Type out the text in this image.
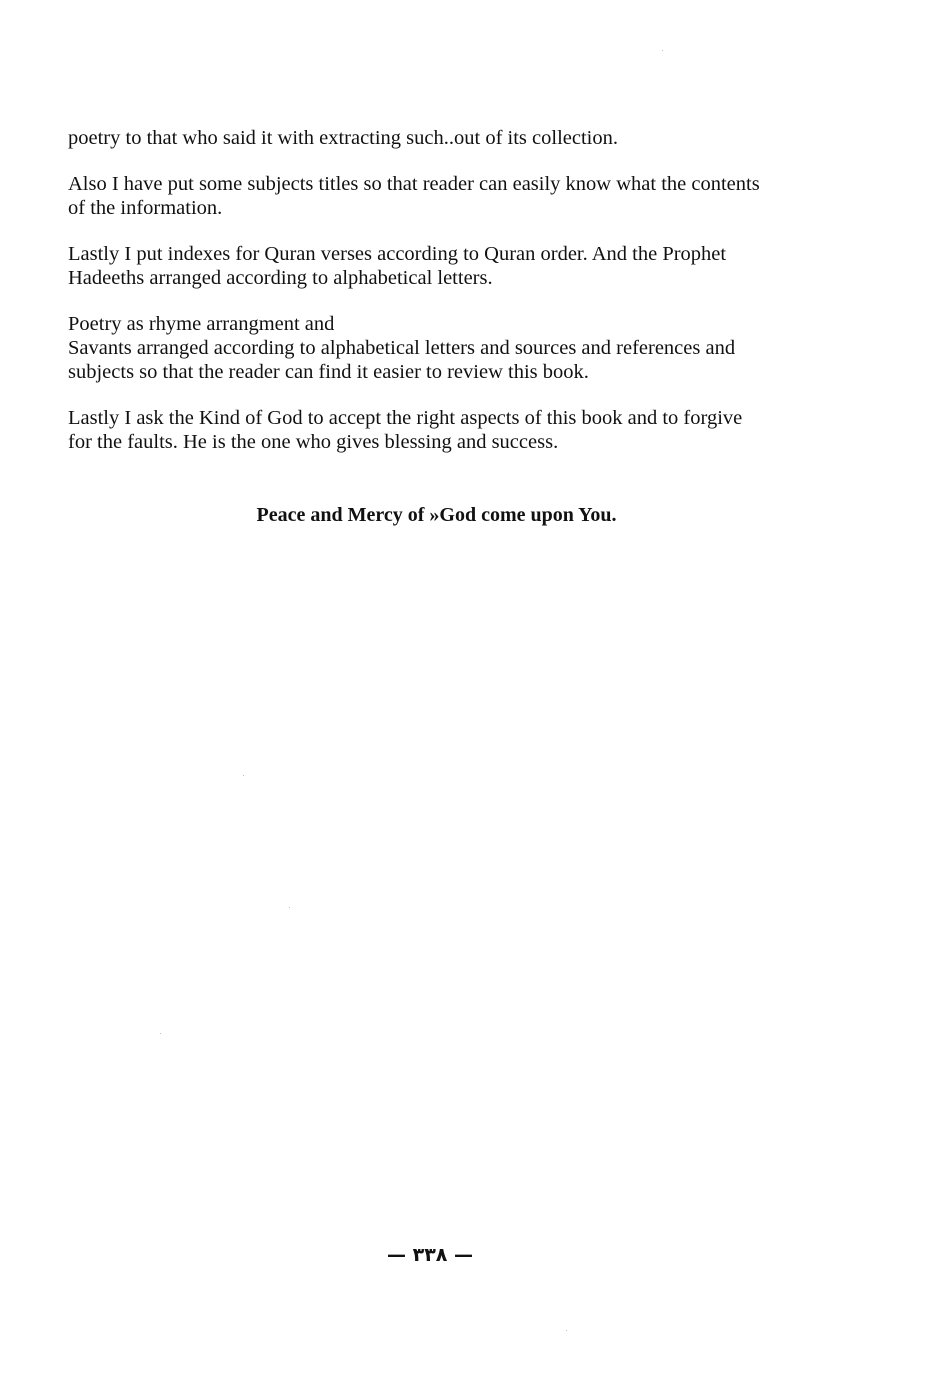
poetry to that who said it with extracting such..out of its collection.

Also I have put some subjects titles so that reader can easily know what the contents
of the information.

Lastly I put indexes for Quran verses according to Quran order. And the Prophet
Hadeeths arranged according to alphabetical letters.

Poetry as rhyme arrangment and
Savants arranged according to alphabetical letters and sources and references and
subjects so that the reader can find it easier to review this book.

Lastly I ask the Kind of God to accept the right aspects of this book and to forgive
for the faults. He is the one who gives blessing and success.

Peace and Mercy of »God come upon You.
— ٣٣٨ —
